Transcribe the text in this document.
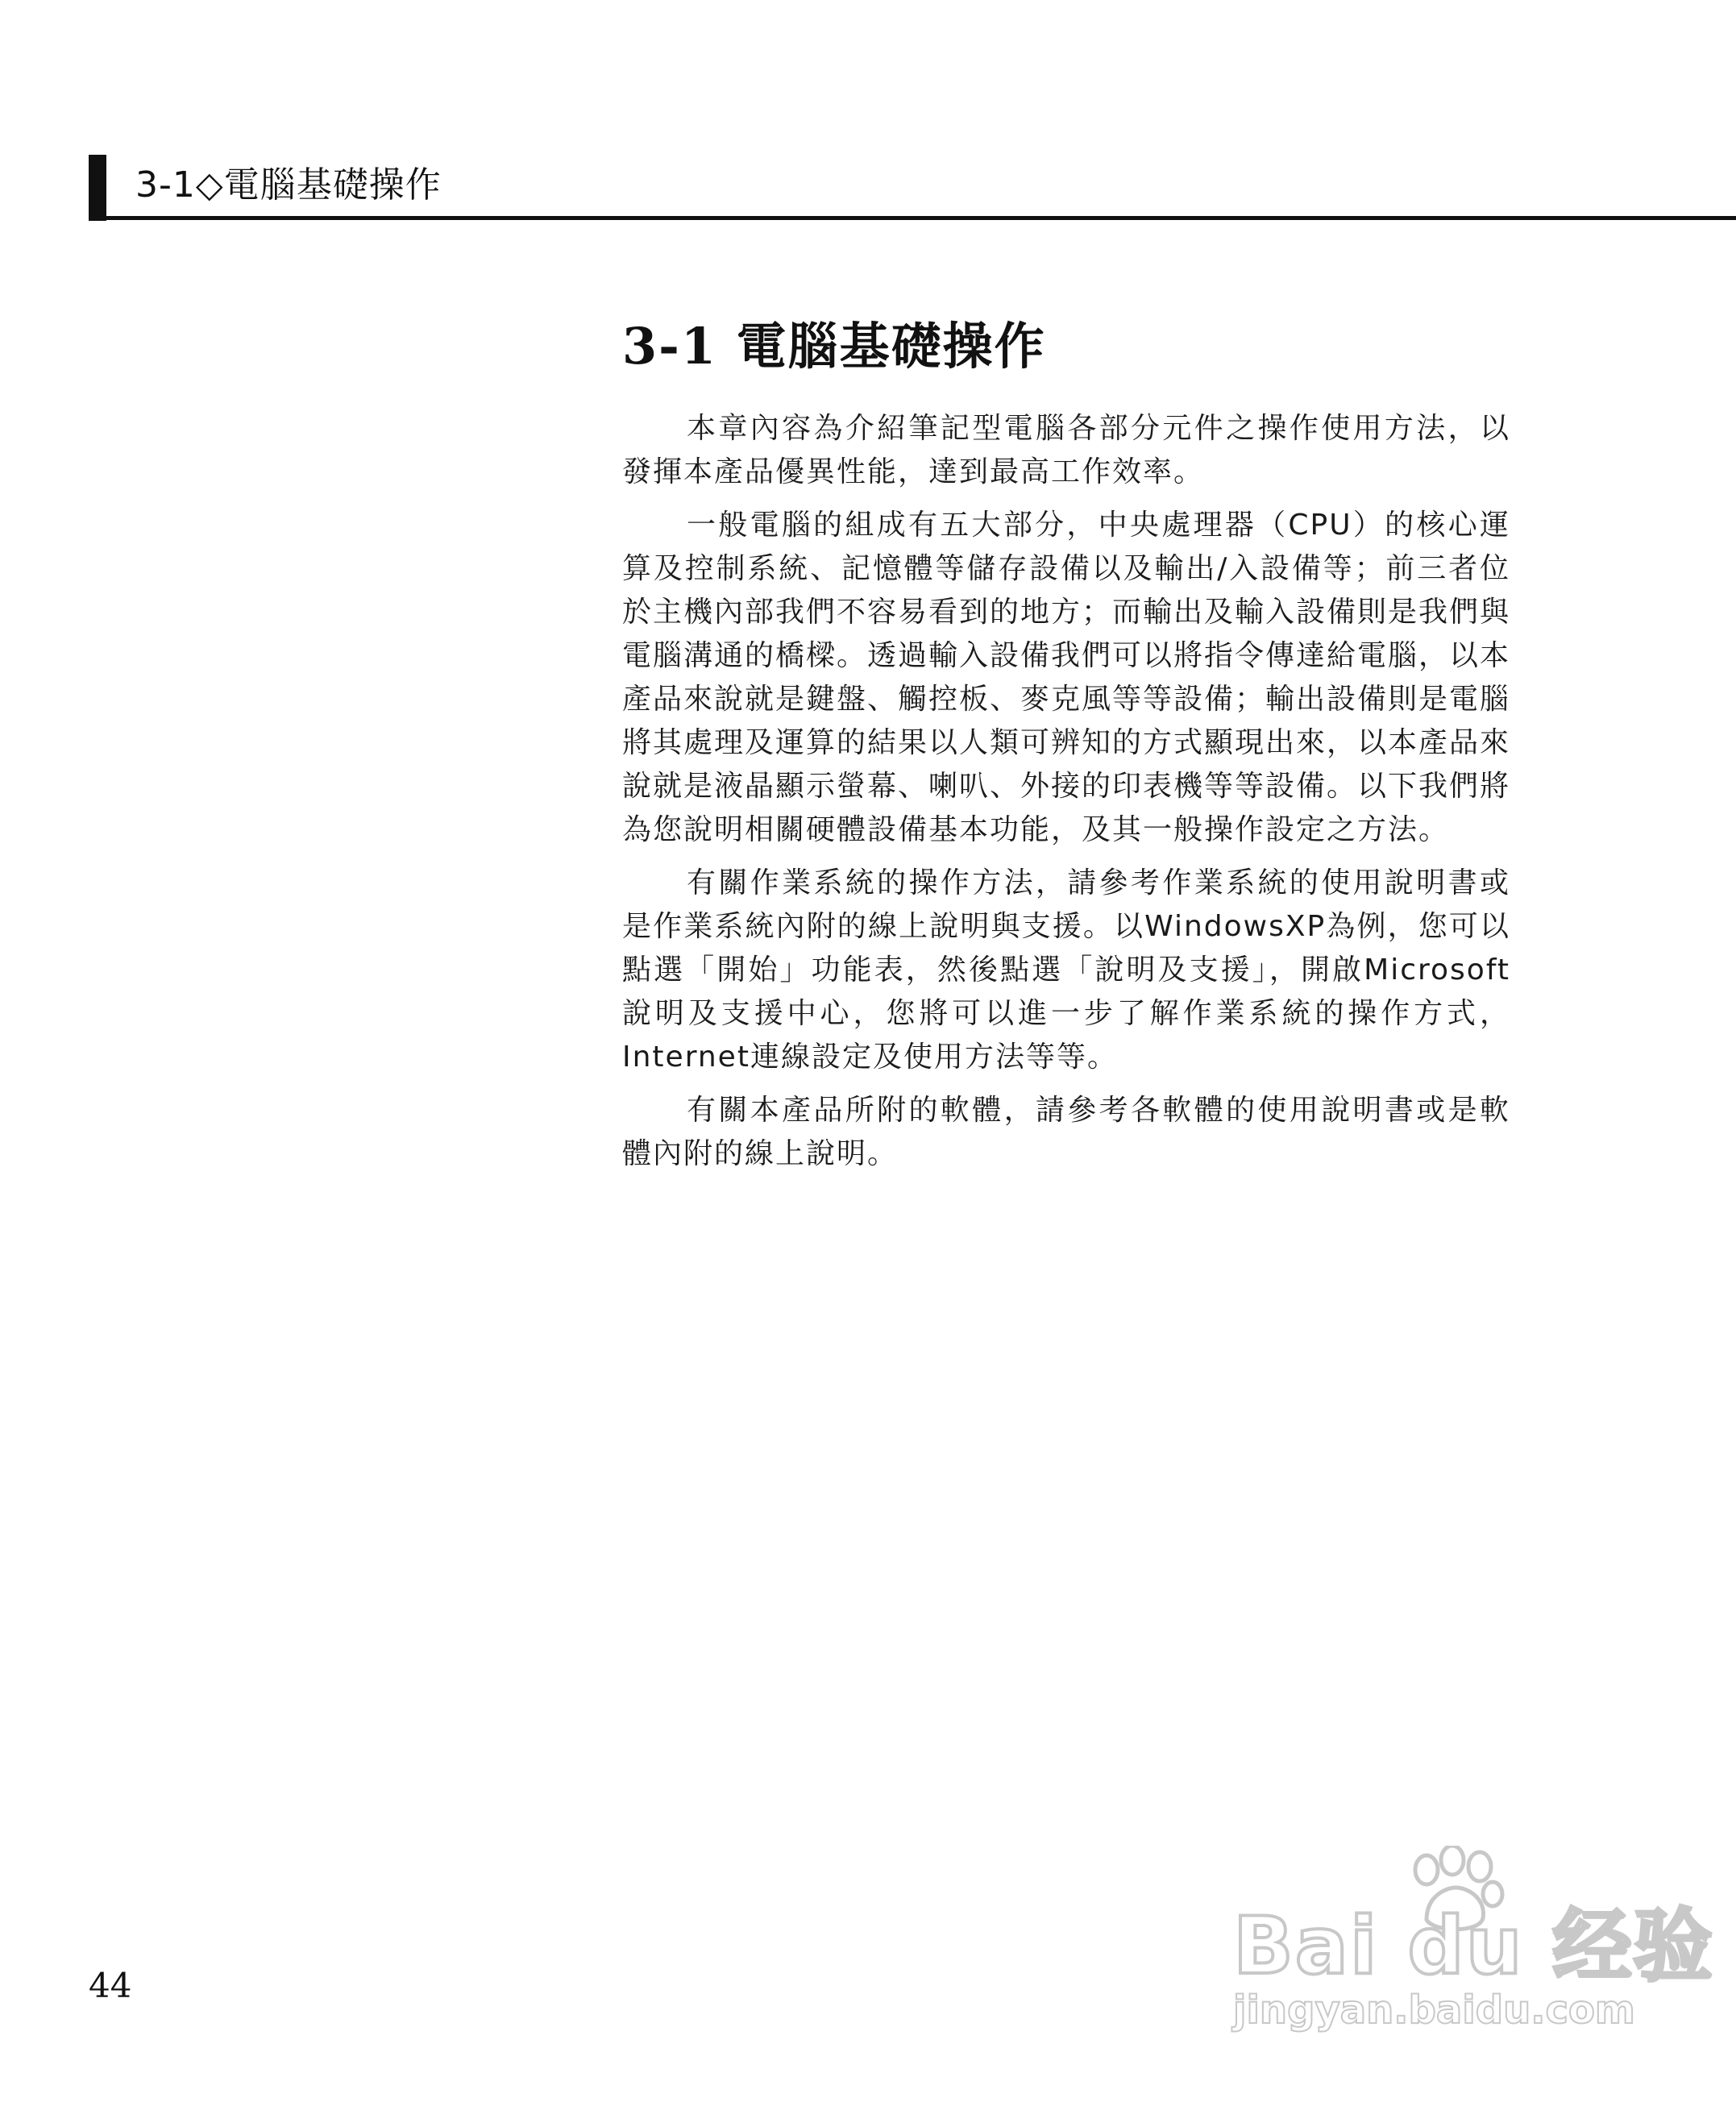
3-1◇電腦基礎操作
3-1 電腦基礎操作

本章內容為介紹筆記型電腦各部分元件之操作使用方法，以發揮本產品優異性能，達到最高工作效率。

一般電腦的組成有五大部分，中央處理器（CPU）的核心運算及控制系統、記憶體等儲存設備以及輸出/入設備等；前三者位於主機內部我們不容易看到的地方；而輸出及輸入設備則是我們與電腦溝通的橋樑。透過輸入設備我們可以將指令傳達給電腦，以本產品來說就是鍵盤、觸控板、麥克風等等設備；輸出設備則是電腦將其處理及運算的結果以人類可辨知的方式顯現出來，以本產品來說就是液晶顯示螢幕、喇叭、外接的印表機等等設備。以下我們將為您說明相關硬體設備基本功能，及其一般操作設定之方法。

有關作業系統的操作方法，請參考作業系統的使用說明書或是作業系統內附的線上說明與支援。以WindowsXP為例，您可以點選「開始」功能表，然後點選「說明及支援」，開啟Microsoft說明及支援中心，您將可以進一步了解作業系統的操作方式，Internet連線設定及使用方法等等。

有關本產品所附的軟體，請參考各軟體的使用說明書或是軟體內附的線上說明。

44	Bai du 经验
jingyan.baidu.com
